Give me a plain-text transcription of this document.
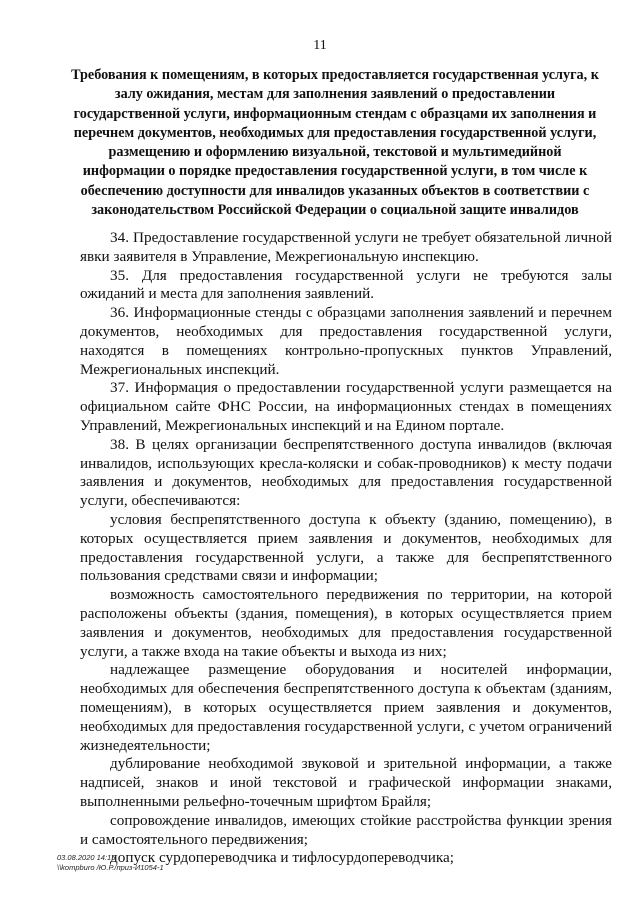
11
Требования к помещениям, в которых предоставляется государственная услуга, к залу ожидания, местам для заполнения заявлений о предоставлении государственной услуги, информационным стендам с образцами их заполнения и перечнем документов, необходимых для предоставления государственной услуги, размещению и оформлению визуальной, текстовой и мультимедийной информации о порядке предоставления государственной услуги, в том числе к обеспечению доступности для инвалидов указанных объектов в соответствии с законодательством Российской Федерации о социальной защите инвалидов

34. Предоставление государственной услуги не требует обязательной личной явки заявителя в Управление, Межрегиональную инспекцию.

35. Для предоставления государственной услуги не требуются залы ожиданий и места для заполнения заявлений.

36. Информационные стенды с образцами заполнения заявлений и перечнем документов, необходимых для предоставления государственной услуги, находятся в помещениях контрольно-пропускных пунктов Управлений, Межрегиональных инспекций.

37. Информация о предоставлении государственной услуги размещается на официальном сайте ФНС России, на информационных стендах в помещениях Управлений, Межрегиональных инспекций и на Едином портале.

38. В целях организации беспрепятственного доступа инвалидов (включая инвалидов, использующих кресла-коляски и собак-проводников) к месту подачи заявления и документов, необходимых для предоставления государственной услуги, обеспечиваются:

условия беспрепятственного доступа к объекту (зданию, помещению), в которых осуществляется прием заявления и документов, необходимых для предоставления государственной услуги, а также для беспрепятственного пользования средствами связи и информации;

возможность самостоятельного передвижения по территории, на которой расположены объекты (здания, помещения), в которых осуществляется прием заявления и документов, необходимых для предоставления государственной услуги, а также входа на такие объекты и выхода из них;

надлежащее размещение оборудования и носителей информации, необходимых для обеспечения беспрепятственного доступа к объектам (зданиям, помещениям), в которых осуществляется прием заявления и документов, необходимых для предоставления государственной услуги, с учетом ограничений жизнедеятельности;

дублирование необходимой звуковой и зрительной информации, а также надписей, знаков и иной текстовой и графической информации знаками, выполненными рельефно-точечным шрифтом Брайля;

сопровождение инвалидов, имеющих стойкие расстройства функции зрения и самостоятельного передвижения;

допуск сурдопереводчика и тифлосурдопереводчика;

03.08.2020 14:15
\\kompburo /Ю.Р./приз-И1054-1
